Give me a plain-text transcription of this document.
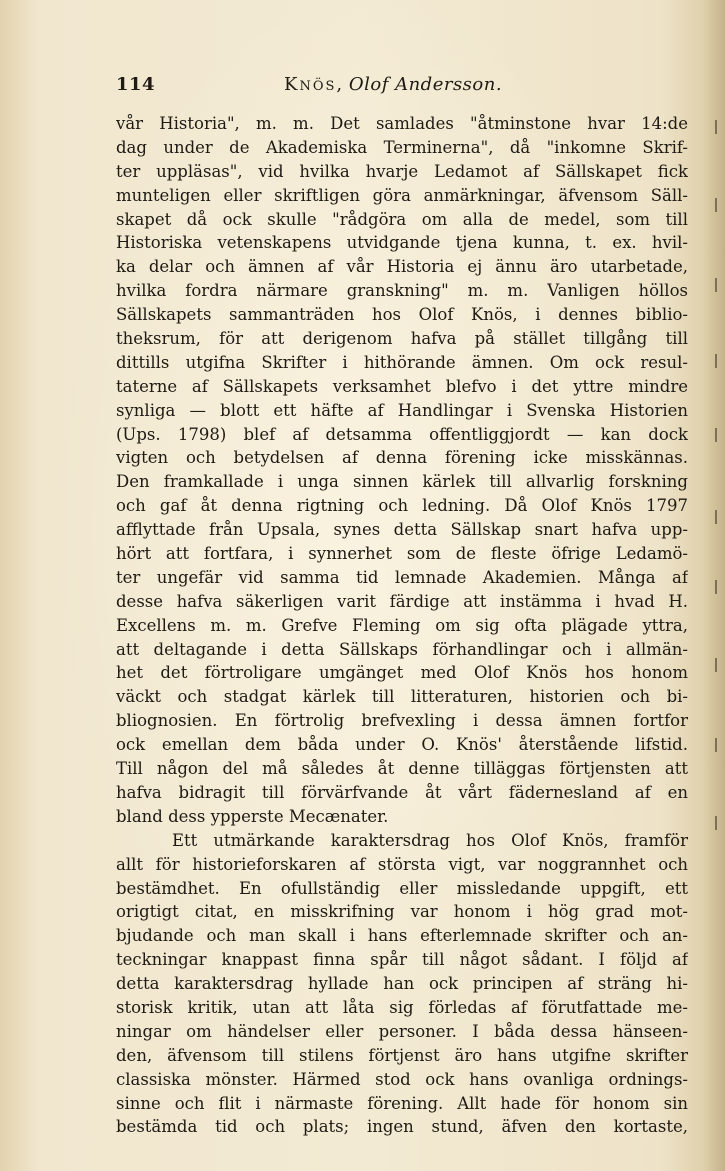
114	Knös, Olof Andersson.
vår Historia", m. m. Det samlades "åtminstone hvar 14:de
dag under de Akademiska Terminerna", då "inkomne Skrif-
ter uppläsas", vid hvilka hvarje Ledamot af Sällskapet fick
munteligen eller skriftligen göra anmärkningar, äfvensom Säll-
skapet då ock skulle "rådgöra om alla de medel, som till
Historiska vetenskapens utvidgande tjena kunna, t. ex. hvil-
ka delar och ämnen af vår Historia ej ännu äro utarbetade,
hvilka fordra närmare granskning" m. m. Vanligen höllos
Sällskapets sammanträden hos Olof Knös, i dennes biblio-
theksrum, för att derigenom hafva på stället tillgång till
dittills utgifna Skrifter i hithörande ämnen. Om ock resul-
taterne af Sällskapets verksamhet blefvo i det yttre mindre
synliga — blott ett häfte af Handlingar i Svenska Historien
(Ups. 1798) blef af detsamma offentliggjordt — kan dock
vigten och betydelsen af denna förening icke misskännas.
Den framkallade i unga sinnen kärlek till allvarlig forskning
och gaf åt denna rigtning och ledning. Då Olof Knös 1797
afflyttade från Upsala, synes detta Sällskap snart hafva upp-
hört att fortfara, i synnerhet som de fleste öfrige Ledamö-
ter ungefär vid samma tid lemnade Akademien. Många af
desse hafva säkerligen varit färdige att instämma i hvad H.
Excellens m. m. Grefve Fleming om sig ofta plägade yttra,
att deltagande i detta Sällskaps förhandlingar och i allmän-
het det förtroligare umgänget med Olof Knös hos honom
väckt och stadgat kärlek till litteraturen, historien och bi-
bliognosien. En förtrolig brefvexling i dessa ämnen fortfor
ock emellan dem båda under O. Knös' återstående lifstid.
Till någon del må således åt denne tilläggas förtjensten att
hafva bidragit till förvärfvande åt vårt fädernesland af en
bland dess ypperste Mecænater.
Ett utmärkande karaktersdrag hos Olof Knös, framför
allt för historieforskaren af största vigt, var noggrannhet och
bestämdhet. En ofullständig eller missledande uppgift, ett
origtigt citat, en misskrifning var honom i hög grad mot-
bjudande och man skall i hans efterlemnade skrifter och an-
teckningar knappast finna spår till något sådant. I följd af
detta karaktersdrag hyllade han ock principen af sträng hi-
storisk kritik, utan att låta sig förledas af förutfattade me-
ningar om händelser eller personer. I båda dessa hänseen-
den, äfvensom till stilens förtjenst äro hans utgifne skrifter
classiska mönster. Härmed stod ock hans ovanliga ordnings-
sinne och flit i närmaste förening. Allt hade för honom sin
bestämda tid och plats; ingen stund, äfven den kortaste,
